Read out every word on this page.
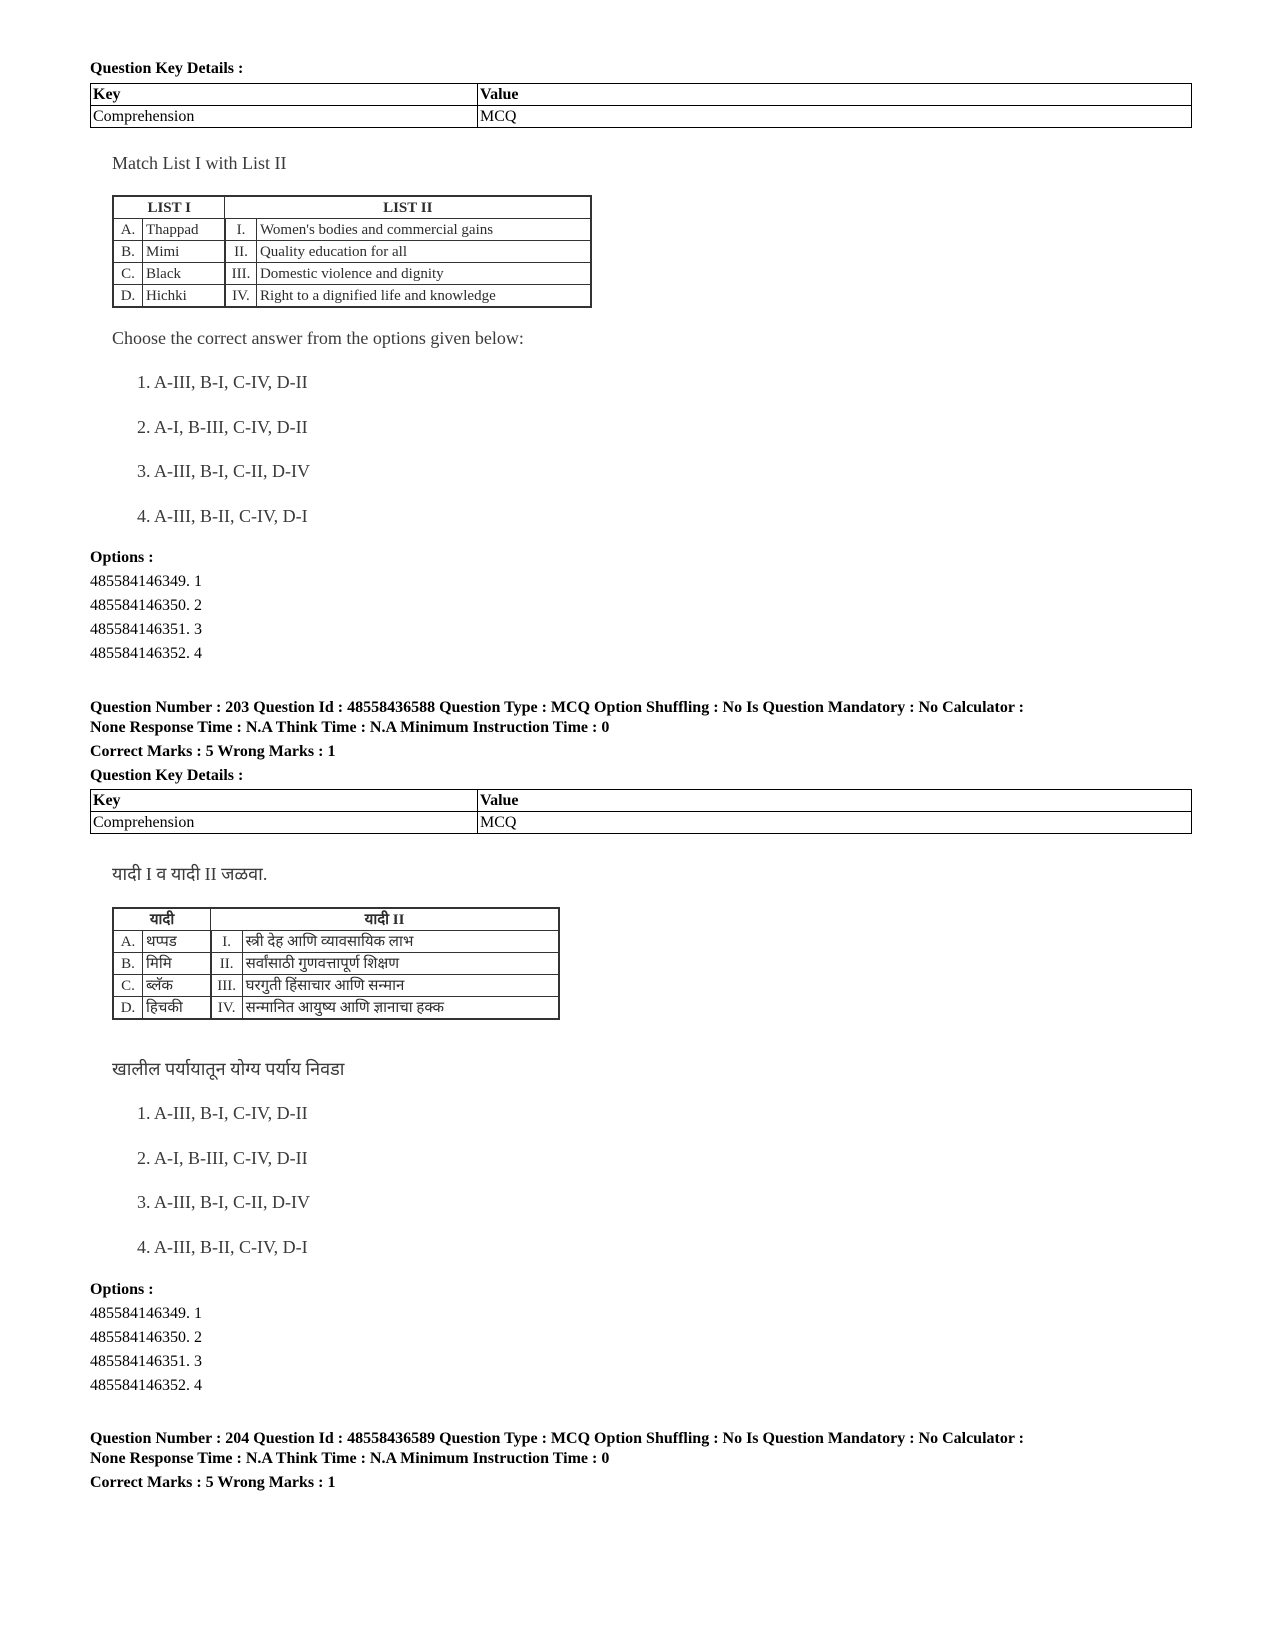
Question Key Details :
Key	Value
Comprehension	MCQ
Match List I with List II
LIST I		LIST II	
A.	Thappad	I.	Women's bodies and commercial gains
B.	Mimi	II.	Quality education for all
C.	Black	III.	Domestic violence and dignity
D.	Hichki	IV.	Right to a dignified life and knowledge
Choose the correct answer from the options given below:
1. A-III, B-I, C-IV, D-II
2. A-I, B-III, C-IV, D-II
3. A-III, B-I, C-II, D-IV
4. A-III, B-II, C-IV, D-I
Options :
485584146349. 1
485584146350. 2
485584146351. 3
485584146352. 4
Question Number : 203 Question Id : 48558436588 Question Type : MCQ Option Shuffling : No Is Question Mandatory : No Calculator :
None Response Time : N.A Think Time : N.A Minimum Instruction Time : 0
Correct Marks : 5 Wrong Marks : 1
Question Key Details :
Key	Value
Comprehension	MCQ
यादी I व यादी II जळवा.
यादी		यादी II	
A.	थप्पड	I.	स्त्री देह आणि व्यावसायिक लाभ
B.	मिमि	II.	सर्वांसाठी गुणवत्तापूर्ण शिक्षण
C.	ब्लॅक	III.	घरगुती हिंसाचार आणि सन्मान
D.	हिचकी	IV.	सन्मानित आयुष्य आणि ज्ञानाचा हक्क
खालील पर्यायातून योग्य पर्याय निवडा
1. A-III, B-I, C-IV, D-II
2. A-I, B-III, C-IV, D-II
3. A-III, B-I, C-II, D-IV
4. A-III, B-II, C-IV, D-I
Options :
485584146349. 1
485584146350. 2
485584146351. 3
485584146352. 4
Question Number : 204 Question Id : 48558436589 Question Type : MCQ Option Shuffling : No Is Question Mandatory : No Calculator :
None Response Time : N.A Think Time : N.A Minimum Instruction Time : 0
Correct Marks : 5 Wrong Marks : 1
